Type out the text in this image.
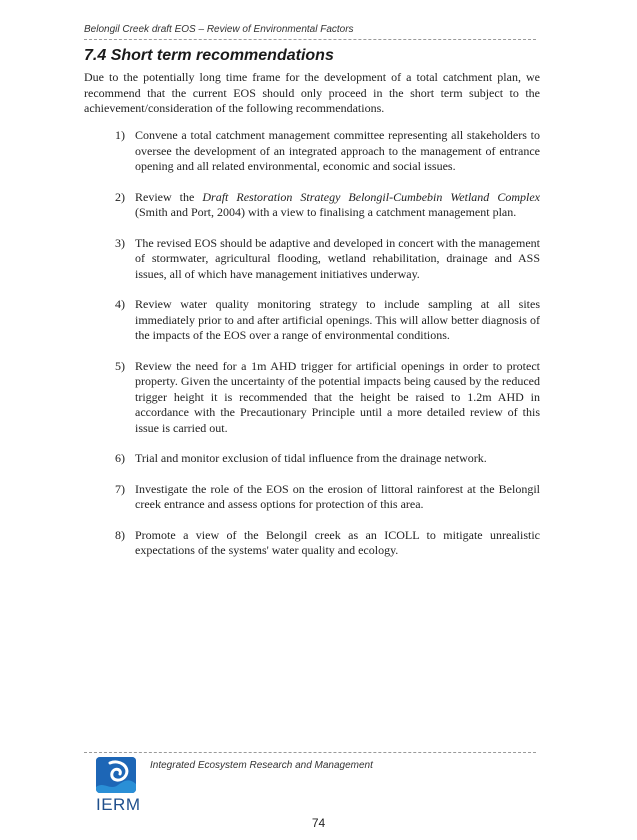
Belongil Creek draft EOS – Review of Environmental Factors
7.4 Short term recommendations

Due to the potentially long time frame for the development of a total catchment plan, we recommend that the current EOS should only proceed in the short term subject to the achievement/consideration of the following recommendations.

1) Convene a total catchment management committee representing all stakeholders to oversee the development of an integrated approach to the management of entrance opening and all related environmental, economic and social issues.
2) Review the Draft Restoration Strategy Belongil-Cumbebin Wetland Complex (Smith and Port, 2004) with a view to finalising a catchment management plan.
3) The revised EOS should be adaptive and developed in concert with the management of stormwater, agricultural flooding, wetland rehabilitation, drainage and ASS issues, all of which have management initiatives underway.
4) Review water quality monitoring strategy to include sampling at all sites immediately prior to and after artificial openings. This will allow better diagnosis of the impacts of the EOS over a range of environmental conditions.
5) Review the need for a 1m AHD trigger for artificial openings in order to protect property. Given the uncertainty of the potential impacts being caused by the reduced trigger height it is recommended that the height be raised to 1.2m AHD in accordance with the Precautionary Principle until a more detailed review of this issue is carried out.
6) Trial and monitor exclusion of tidal influence from the drainage network.
7) Investigate the role of the EOS on the erosion of littoral rainforest at the Belongil creek entrance and assess options for protection of this area.
8) Promote a view of the Belongil creek as an ICOLL to mitigate unrealistic expectations of the systems' water quality and ecology.
IERM
Integrated Ecosystem Research and Management
74
